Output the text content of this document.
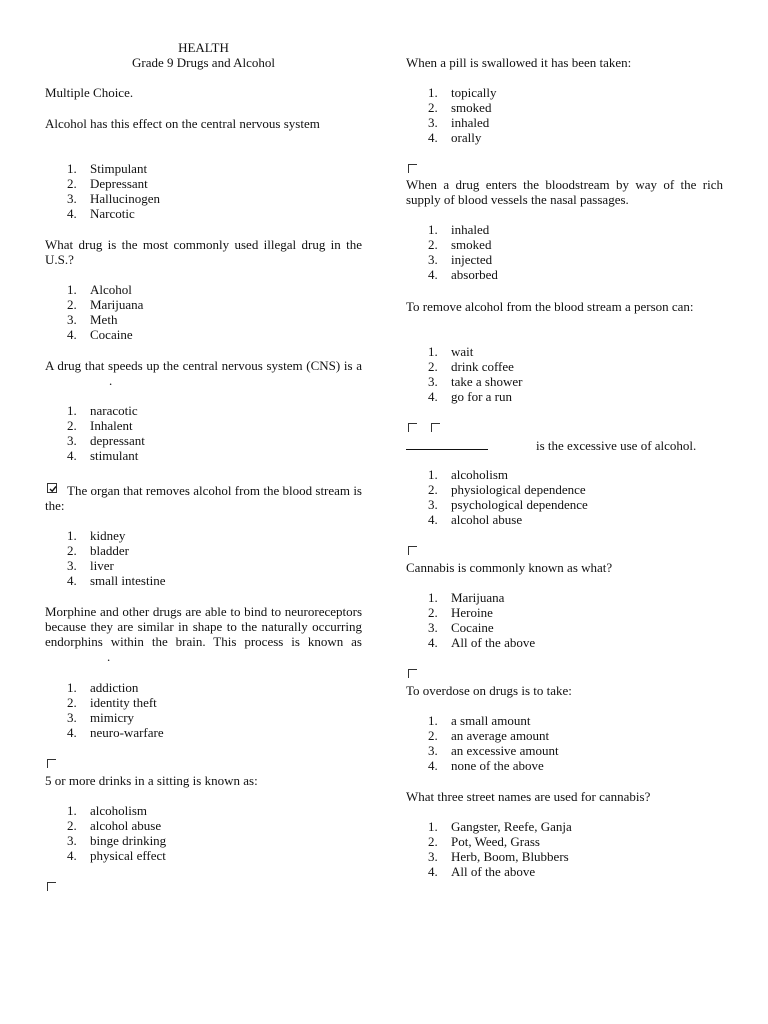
HEALTH
Grade 9 Drugs and Alcohol
Multiple Choice.
Alcohol has this effect on the central nervous system
1. Stimpulant
2. Depressant
3. Hallucinogen
4. Narcotic
What drug is the most commonly used illegal drug in the U.S.?
1. Alcohol
2. Marijuana
3. Meth
4. Cocaine
A drug that speeds up the central nervous system (CNS) is a.
1. naracotic
2. Inhalent
3. depressant
4. stimulant
The organ that removes alcohol from the blood stream is the:
1. kidney
2. bladder
3. liver
4. small intestine
Morphine and other drugs are able to bind to neuroreceptors because they are similar in shape to the naturally occurring endorphins within the brain. This process is known as.
1. addiction
2. identity theft
3. mimicry
4. neuro-warfare
5 or more drinks in a sitting is known as:
1. alcoholism
2. alcohol abuse
3. binge drinking
4. physical effect
When a pill is swallowed it has been taken:
1. topically
2. smoked
3. inhaled
4. orally
When a drug enters the bloodstream by way of the rich supply of blood vessels the nasal passages.
1. inhaled
2. smoked
3. injected
4. absorbed
To remove alcohol from the blood stream a person can:
1. wait
2. drink coffee
3. take a shower
4. go for a run
is the excessive use of alcohol.
1. alcoholism
2. physiological dependence
3. psychological dependence
4. alcohol abuse
Cannabis is commonly known as what?
1. Marijuana
2. Heroine
3. Cocaine
4. All of the above
To overdose on drugs is to take:
1. a small amount
2. an average amount
3. an excessive amount
4. none of the above
What three street names are used for cannabis?
1. Gangster, Reefe, Ganja
2. Pot, Weed, Grass
3. Herb, Boom, Blubbers
4. All of the above
